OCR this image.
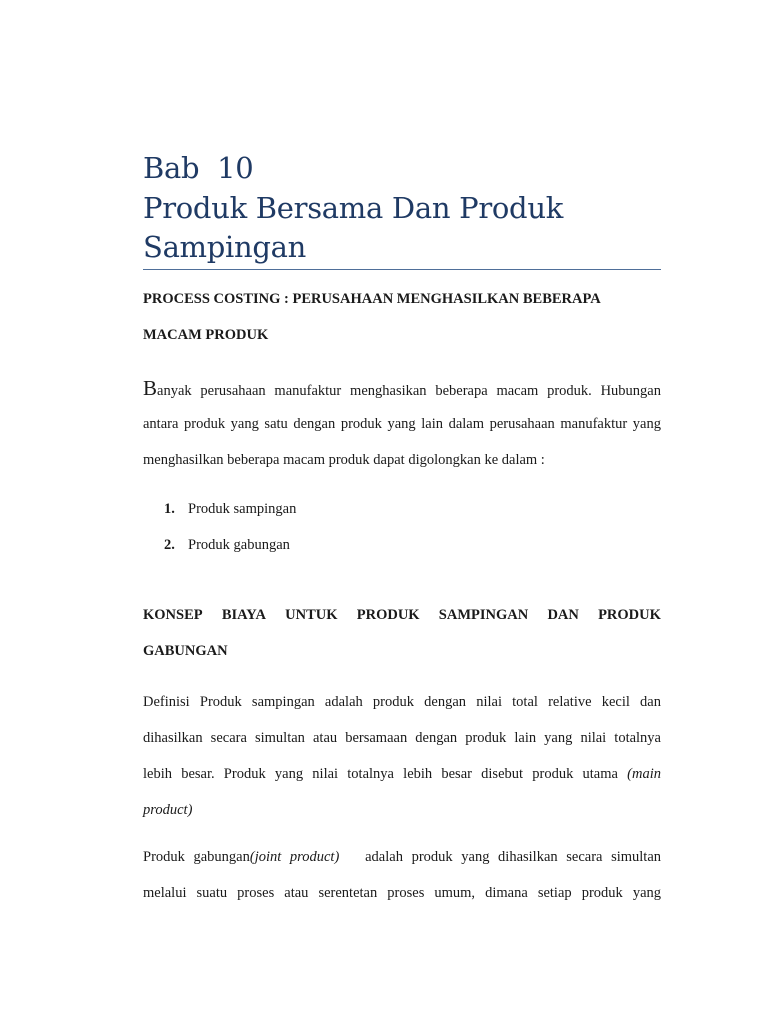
Bab  10
Produk Bersama Dan Produk
Sampingan
PROCESS COSTING : PERUSAHAAN MENGHASILKAN BEBERAPA
MACAM PRODUK
Banyak perusahaan manufaktur menghasikan beberapa macam produk. Hubungan
antara produk yang satu dengan produk yang lain dalam perusahaan manufaktur yang
menghasilkan beberapa macam produk dapat digolongkan ke dalam :
1. Produk sampingan
2. Produk gabungan
KONSEP BIAYA UNTUK PRODUK SAMPINGAN DAN PRODUK
GABUNGAN
Definisi Produk sampingan adalah produk dengan nilai total relative kecil dan
dihasilkan secara simultan atau bersamaan dengan produk lain yang nilai totalnya
lebih besar. Produk yang nilai totalnya lebih besar disebut produk utama (main
product)
Produk gabungan(joint product) adalah produk yang dihasilkan secara simultan
melalui suatu proses atau serentetan proses umum, dimana setiap produk yang
